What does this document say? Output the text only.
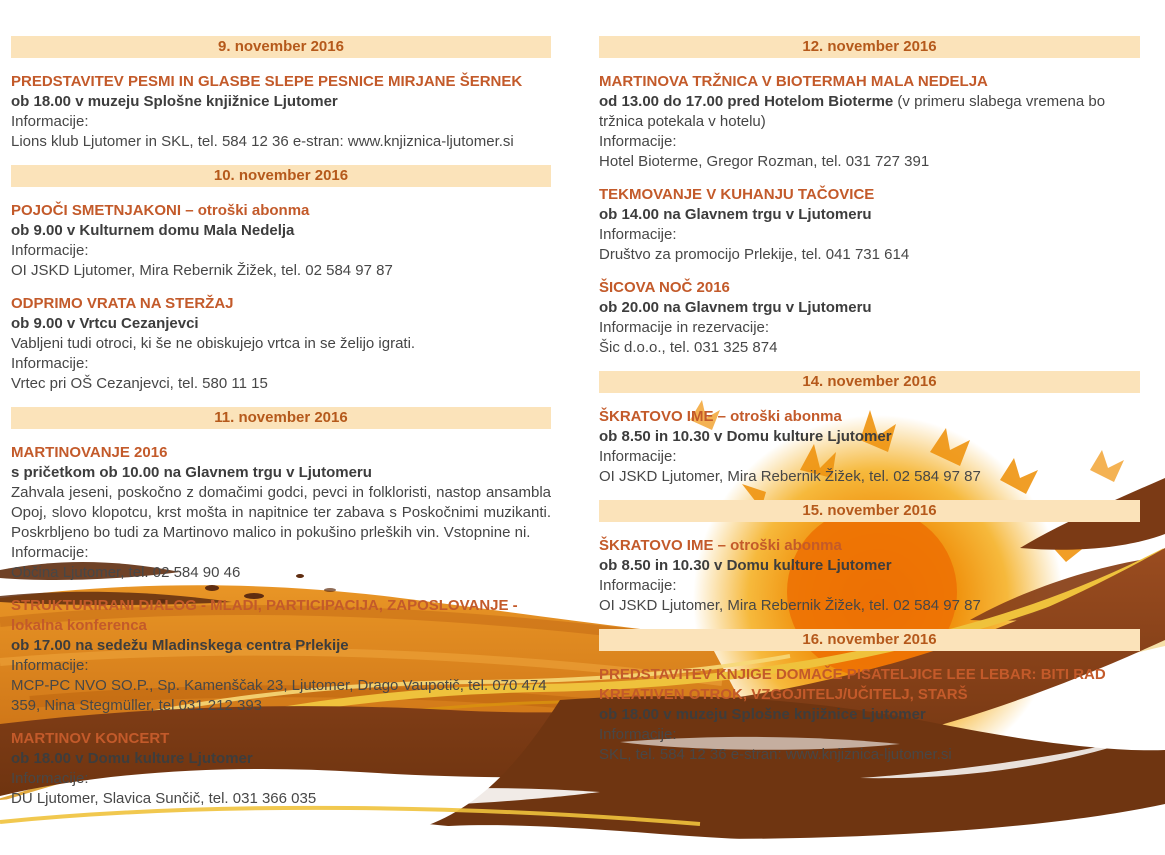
9. november 2016
PREDSTAVITEV PESMI IN GLASBE SLEPE PESNICE MIRJANE ŠERNEK
ob 18.00 v muzeju Splošne knjižnice Ljutomer
Informacije:
Lions klub Ljutomer in SKL, tel. 584 12 36 e-stran: www.knjiznica-ljutomer.si
10. november 2016
POJOČI SMETNJAKONI – otroški abonma
ob 9.00 v Kulturnem domu Mala Nedelja
Informacije:
OI JSKD Ljutomer, Mira Rebernik Žižek, tel. 02 584 97 87
ODPRIMO VRATA NA STERŽAJ
ob 9.00 v Vrtcu Cezanjevci
Vabljeni tudi otroci, ki še ne obiskujejo vrtca in se želijo igrati.
Informacije:
Vrtec pri OŠ Cezanjevci, tel. 580 11 15
11. november 2016
MARTINOVANJE 2016
s pričetkom ob 10.00 na Glavnem trgu v Ljutomeru
Zahvala jeseni, poskočno z domačimi godci, pevci in folkloristi, nastop ansambla Opoj, slovo klopotcu, krst mošta in napitnice ter zabava s Poskočnimi muzikanti. Poskrbljeno bo tudi za Martinovo malico in pokušino prleških vin. Vstopnine ni.
Informacije:
Občina Ljutomer, tel. 02 584 90 46
STRUKTURIRANI DIALOG - MLADI, PARTICIPACIJA, ZAPOSLOVANJE - lokalna konferenca
ob 17.00 na sedežu Mladinskega centra Prlekije
Informacije:
MCP-PC NVO SO.P., Sp. Kamenščak 23, Ljutomer, Drago Vaupotič, tel. 070 474 359, Nina Stegmüller, tel 031 212 393
MARTINOV KONCERT
ob 18.00 v Domu kulture Ljutomer
Informacije:
DU Ljutomer, Slavica Sunčič, tel. 031 366 035
12. november 2016
MARTINOVA TRŽNICA V BIOTERMAH MALA NEDELJA
od 13.00 do 17.00 pred Hotelom Bioterme (v primeru slabega vremena bo tržnica potekala v hotelu)
Informacije:
Hotel Bioterme, Gregor Rozman, tel. 031 727 391
TEKMOVANJE V KUHANJU TAČOVICE
ob 14.00 na Glavnem trgu v Ljutomeru
Informacije:
Društvo za promocijo Prlekije, tel. 041 731 614
ŠICOVA NOČ 2016
ob 20.00 na Glavnem trgu v Ljutomeru
Informacije in rezervacije:
Šic d.o.o., tel. 031 325 874
14. november 2016
ŠKRATOVO IME – otroški abonma
ob 8.50 in 10.30 v Domu kulture Ljutomer
Informacije:
OI JSKD Ljutomer, Mira Rebernik Žižek, tel. 02 584 97 87
15. november 2016
ŠKRATOVO IME – otroški abonma
ob 8.50 in 10.30 v Domu kulture Ljutomer
Informacije:
OI JSKD Ljutomer, Mira Rebernik Žižek, tel. 02 584 97 87
16. november 2016
PREDSTAVITEV KNJIGE DOMAČE PISATELJICE LEE LEBAR: BITI RAD KREATIVEN OTROK, VZGOJITELJ/UČITELJ, STARŠ
ob 18.00 v muzeju Splošne knjižnice Ljutomer
Informacije:
SKL, tel. 584 12 36 e-stran: www.knjiznica-ljutomer.si
